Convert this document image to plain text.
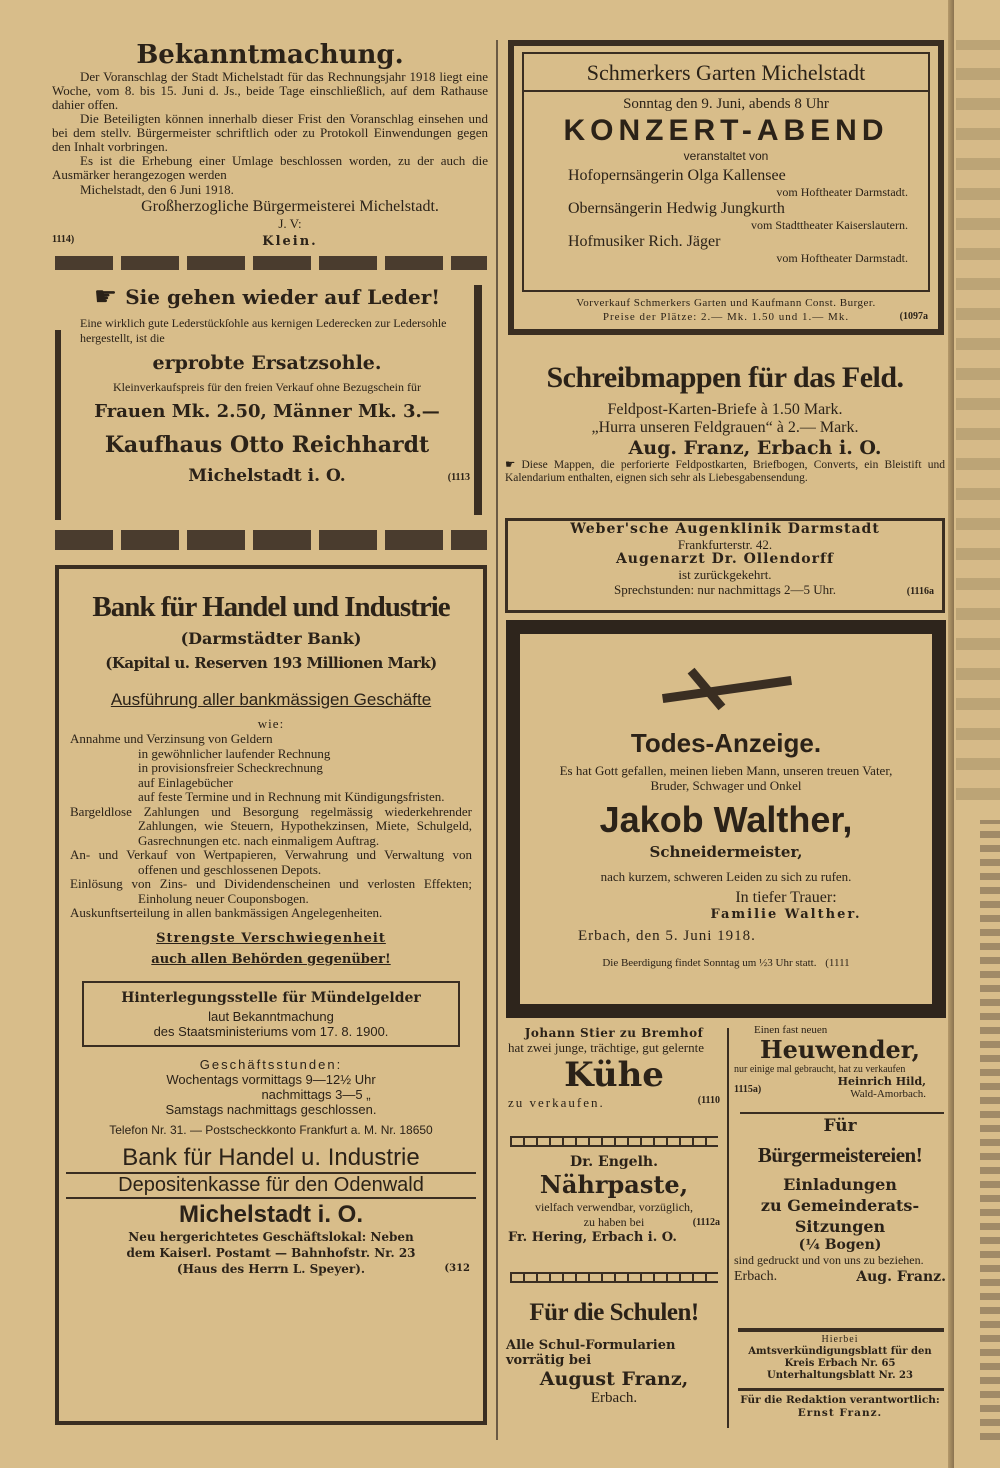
Bekanntmachung.

Der Voranschlag der Stadt Michelstadt für das Rechnungsjahr 1918 liegt eine Woche, vom 8. bis 15. Juni d. Js., beide Tage einschließlich, auf dem Rathause dahier offen.

Die Beteiligten können innerhalb dieser Frist den Voranschlag einsehen und bei dem stellv. Bürgermeister schriftlich oder zu Protokoll Einwendungen gegen den Inhalt vorbringen.

Es ist die Erhebung einer Umlage beschlossen worden, zu der auch die Ausmärker herangezogen werden

Michelstadt, den 6 Juni 1918.

Großherzogliche Bürgermeisterei Michelstadt.

J. V:

1114)	Klein.
☛ Sie gehen wieder auf Leder!

Eine wirklich gute Lederstückſohle aus kernigen Lederecken zur Ledersohle hergestellt, ist die

erprobte Ersatzsohle.

Kleinverkaufspreis für den freien Verkauf ohne Bezugschein für

Frauen Mk. 2.50, Männer Mk. 3.—

Kaufhaus Otto Reichhardt

Michelstadt i. O.	(1113

Bank für Handel und Industrie

(Darmstädter Bank)

(Kapital u. Reserven 193 Millionen Mark)

Ausführung aller bankmässigen Geschäfte

wie:

Annahme und Verzinsung von Geldern

in gewöhnlicher laufender Rechnung

in provisionsfreier Scheckrechnung

auf Einlagebücher

auf feste Termine und in Rechnung mit Kündigungsfristen.

Bargeldlose Zahlungen und Besorgung regelmässig wiederkehrender Zahlungen, wie Steuern, Hypothekzinsen, Miete, Schulgeld, Gasrechnungen etc. nach einmaligem Auftrag.

An- und Verkauf von Wertpapieren, Verwahrung und Verwaltung von offenen und geschlossenen Depots.

Einlösung von Zins- und Dividendenscheinen und verlosten Effekten; Einholung neuer Couponsbogen.

Auskunftserteilung in allen bankmässigen Angelegenheiten.

Strengste Verschwiegenheit

auch allen Behörden gegenüber!

Hinterlegungsstelle für Mündelgelder

laut Bekanntmachung

des Staatsministeriums vom 17. 8. 1900.

Geschäftsstunden:

Wochentags vormittags 9—12½ Uhr

nachmittags 3—5 „

Samstags nachmittags geschlossen.

Telefon Nr. 31. — Postscheckkonto Frankfurt a. M. Nr. 18650

Bank für Handel u. Industrie

Depositenkasse für den Odenwald

Michelstadt i. O.

Neu hergerichtetes Geschäftslokal: Neben

dem Kaiserl. Postamt — Bahnhofstr. Nr. 23

(Haus des Herrn L. Speyer).	(312

Schmerkers Garten Michelstadt

Sonntag den 9. Juni, abends 8 Uhr

KONZERT-ABEND

veranstaltet von

Hofopernsängerin Olga Kallensee

vom Hoftheater Darmstadt.

Obernsängerin Hedwig Jungkurth

vom Stadttheater Kaiserslautern.

Hofmusiker Rich. Jäger

vom Hoftheater Darmstadt.

Vorverkauf Schmerkers Garten und Kaufmann Const. Burger.

Preise der Plätze: 2.— Mk. 1.50 und 1.— Mk.	(1097a

Schreibmappen für das Feld.

Feldpost-Karten-Briefe à 1.50 Mark.

„Hurra unseren Feldgrauen“ à 2.— Mark.

Aug. Franz, Erbach i. O.

☛ Diese Mappen, die perforierte Feldpostkarten, Briefbogen, Converts, ein Bleistift und Kalendarium enthalten, eignen sich sehr als Liebesgabensendung.

Weber'sche Augenklinik Darmstadt

Frankfurterstr. 42.

Augenarzt Dr. Ollendorff

ist zurückgekehrt.

Sprechstunden: nur nachmittags 2—5 Uhr.	(1116a

Todes-Anzeige.

Es hat Gott gefallen, meinen lieben Mann, unseren treuen Vater, Bruder, Schwager und Onkel

Jakob Walther,

Schneidermeister,

nach kurzem, schweren Leiden zu sich zu rufen.

In tiefer Trauer:

Familie Walther.

Erbach, den 5. Juni 1918.

Die Beerdigung findet Sonntag um ½3 Uhr statt. (1111

Johann Stier zu Bremhof

hat zwei junge, trächtige, gut gelernte

Kühe

zu verkaufen.	(1110

Dr. Engelh.

Nährpaste,

vielfach verwendbar, vorzüglich,

zu haben bei	(1112a

Fr. Hering, Erbach i. O.

Für die Schulen!

Alle Schul-Formularien vorrätig bei

August Franz,

Erbach.

Einen fast neuen

Heuwender,

nur einige mal gebraucht, hat zu verkaufen

1115a)

Heinrich Hild,

Wald-Amorbach.

Für

Bürgermeistereien!

Einladungen

zu Gemeinderats-

Sitzungen

(¼ Bogen)

sind gedruckt und von uns zu beziehen.

Erbach.	Aug. Franz.

Hierbei

Amtsverkündigungsblatt für den

Kreis Erbach Nr. 65

Unterhaltungsblatt Nr. 23

Für die Redaktion verantwortlich:

Ernst Franz.
